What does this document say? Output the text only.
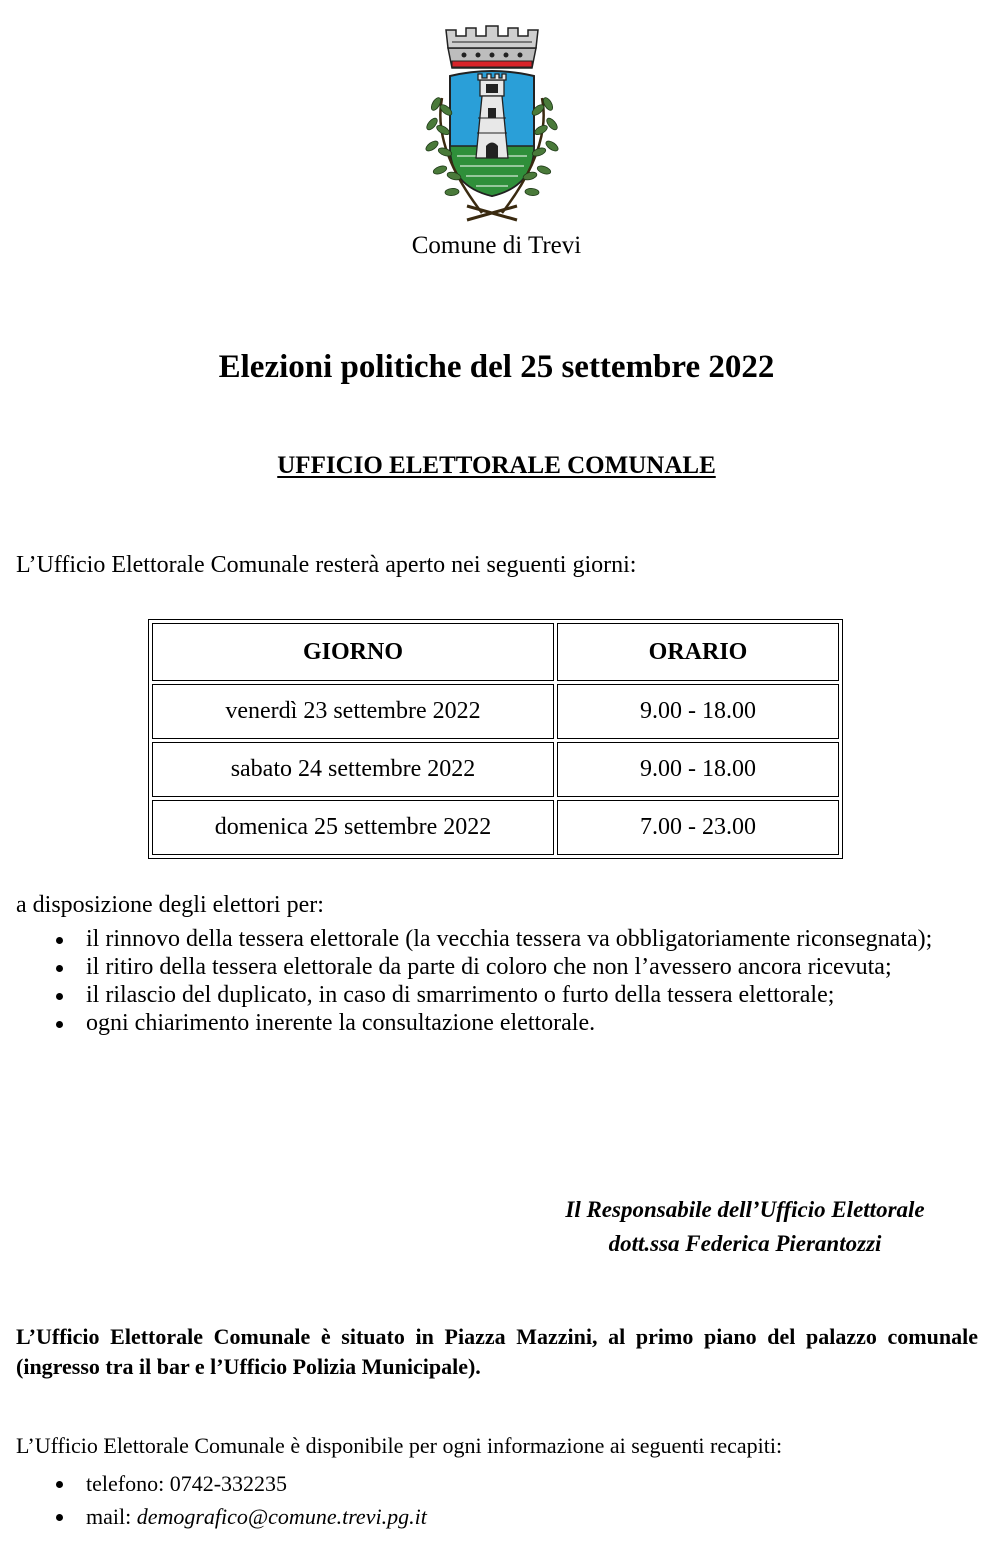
Comune di Trevi
Elezioni politiche del 25 settembre 2022
UFFICIO ELETTORALE COMUNALE
L’Ufficio Elettorale Comunale resterà aperto nei seguenti giorni:
GIORNO	ORARIO
venerdì 23 settembre 2022	9.00 - 18.00
sabato 24 settembre 2022	9.00 - 18.00
domenica 25 settembre 2022	7.00 - 23.00
a disposizione degli elettori per:
il rinnovo della tessera elettorale (la vecchia tessera va obbligatoriamente riconsegnata);
il ritiro della tessera elettorale da parte di coloro che non l’avessero ancora ricevuta;
il rilascio del duplicato, in caso di smarrimento o furto della tessera elettorale;
ogni chiarimento inerente la consultazione elettorale.
Il Responsabile dell’Ufficio Elettorale
dott.ssa Federica Pierantozzi
L’Ufficio Elettorale Comunale è situato in Piazza Mazzini, al primo piano del palazzo comunale (ingresso tra il bar e l’Ufficio Polizia Municipale).
L’Ufficio Elettorale Comunale è disponibile per ogni informazione ai seguenti recapiti:
telefono: 0742-332235
mail: demografico@comune.trevi.pg.it
